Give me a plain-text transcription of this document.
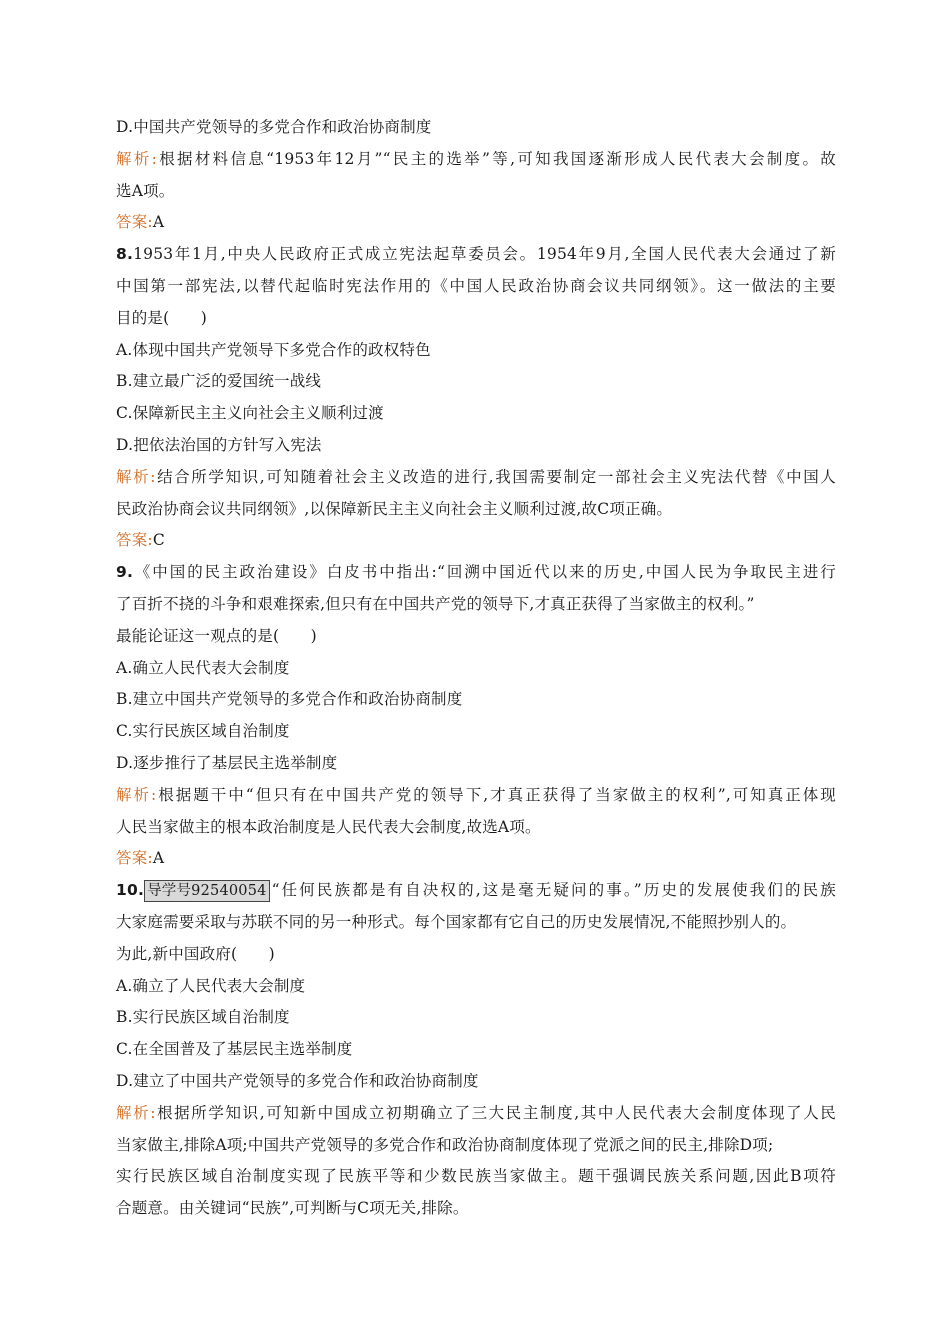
D.中国共产党领导的多党合作和政治协商制度
解析:根据材料信息“1953年12月”“民主的选举”等,可知我国逐渐形成人民代表大会制度。故
选A项。
答案:A
8.1953年1月,中央人民政府正式成立宪法起草委员会。1954年9月,全国人民代表大会通过了新
中国第一部宪法,以替代起临时宪法作用的《中国人民政治协商会议共同纲领》。这一做法的主要
目的是(　　)
A.体现中国共产党领导下多党合作的政权特色
B.建立最广泛的爱国统一战线
C.保障新民主主义向社会主义顺利过渡
D.把依法治国的方针写入宪法
解析:结合所学知识,可知随着社会主义改造的进行,我国需要制定一部社会主义宪法代替《中国人
民政治协商会议共同纲领》,以保障新民主主义向社会主义顺利过渡,故C项正确。
答案:C
9.《中国的民主政治建设》白皮书中指出:“回溯中国近代以来的历史,中国人民为争取民主进行
了百折不挠的斗争和艰难探索,但只有在中国共产党的领导下,才真正获得了当家做主的权利。”
最能论证这一观点的是(　　)
A.确立人民代表大会制度
B.建立中国共产党领导的多党合作和政治协商制度
C.实行民族区域自治制度
D.逐步推行了基层民主选举制度
解析:根据题干中“但只有在中国共产党的领导下,才真正获得了当家做主的权利”,可知真正体现
人民当家做主的根本政治制度是人民代表大会制度,故选A项。
答案:A
10. 导学号92540054 “任何民族都是有自决权的,这是毫无疑问的事。”历史的发展使我们的民族
大家庭需要采取与苏联不同的另一种形式。每个国家都有它自己的历史发展情况,不能照抄别人的。
为此,新中国政府(　　)
A.确立了人民代表大会制度
B.实行民族区域自治制度
C.在全国普及了基层民主选举制度
D.建立了中国共产党领导的多党合作和政治协商制度
解析:根据所学知识,可知新中国成立初期确立了三大民主制度,其中人民代表大会制度体现了人民
当家做主,排除A项;中国共产党领导的多党合作和政治协商制度体现了党派之间的民主,排除D项;
实行民族区域自治制度实现了民族平等和少数民族当家做主。题干强调民族关系问题,因此B项符
合题意。由关键词“民族”,可判断与C项无关,排除。
